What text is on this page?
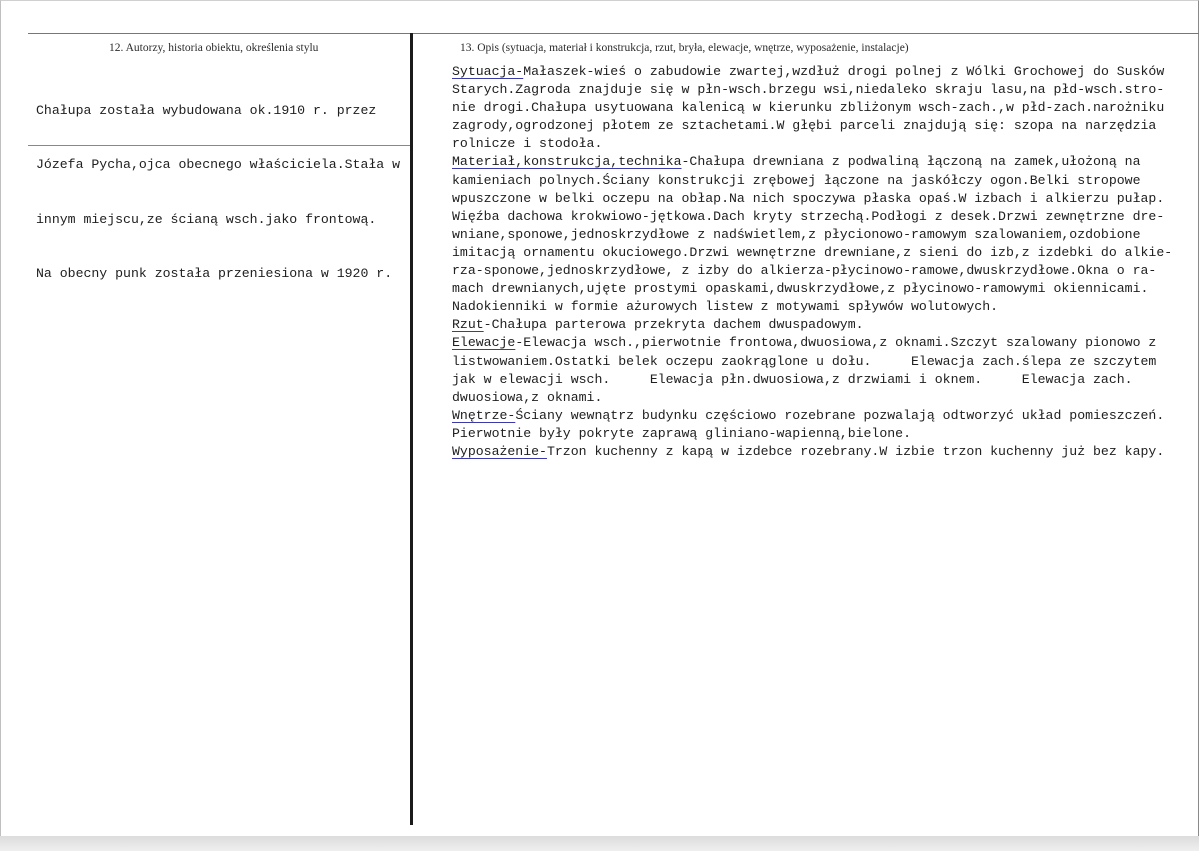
12. Autorzy, historia obiektu, określenia stylu	13. Opis (sytuacja, materiał i konstrukcja, rzut, bryła, elewacje, wnętrze, wyposażenie, instalacje)

Chałupa została wybudowana ok.1910 r. przez

Józefa Pycha,ojca obecnego właściciela.Stała w

innym miejscu,ze ścianą wsch.jako frontową.

Na obecny punk została przeniesiona w 1920 r.

Sytuacja-Małaszek-wieś o zabudowie zwartej,wzdłuż drogi polnej z Wólki Grochowej do Susków
Starych.Zagroda znajduje się w płn-wsch.brzegu wsi,niedaleko skraju lasu,na płd-wsch.stro-
nie drogi.Chałupa usytuowana kalenicą w kierunku zbliżonym wsch-zach.,w płd-zach.narożniku
zagrody,ogrodzonej płotem ze sztachetami.W głębi parceli znajdują się: szopa na narzędzia
rolnicze i stodoła.
Materiał,konstrukcja,technika-Chałupa drewniana z podwaliną łączoną na zamek,ułożoną na
kamieniach polnych.Ściany konstrukcji zrębowej łączone na jaskółczy ogon.Belki stropowe
wpuszczone w belki oczepu na obłap.Na nich spoczywa płaska opaś.W izbach i alkierzu pułap.
Więźba dachowa krokwiowo-jętkowa.Dach kryty strzechą.Podłogi z desek.Drzwi zewnętrzne dre-
wniane,sponowe,jednoskrzydłowe z nadświetlem,z płycionowo-ramowym szalowaniem,ozdobione
imitacją ornamentu okuciowego.Drzwi wewnętrzne drewniane,z sieni do izb,z izdebki do alkie-
rza-sponowe,jednoskrzydłowe, z izby do alkierza-płycinowo-ramowe,dwuskrzydłowe.Okna o ra-
mach drewnianych,ujęte prostymi opaskami,dwuskrzydłowe,z płycinowo-ramowymi okiennicami.
Nadokienniki w formie ażurowych listew z motywami spływów wolutowych.
Rzut-Chałupa parterowa przekryta dachem dwuspadowym.
Elewacje-Elewacja wsch.,pierwotnie frontowa,dwuosiowa,z oknami.Szczyt szalowany pionowo z
listwowaniem.Ostatki belek oczepu zaokrąglone u dołu.     Elewacja zach.ślepa ze szczytem
jak w elewacji wsch.     Elewacja płn.dwuosiowa,z drzwiami i oknem.     Elewacja zach.
dwuosiowa,z oknami.
Wnętrze-Ściany wewnątrz budynku częściowo rozebrane pozwalają odtworzyć układ pomieszczeń.
Pierwotnie były pokryte zaprawą gliniano-wapienną,bielone.
Wyposażenie-Trzon kuchenny z kapą w izdebce rozebrany.W izbie trzon kuchenny już bez kapy.
